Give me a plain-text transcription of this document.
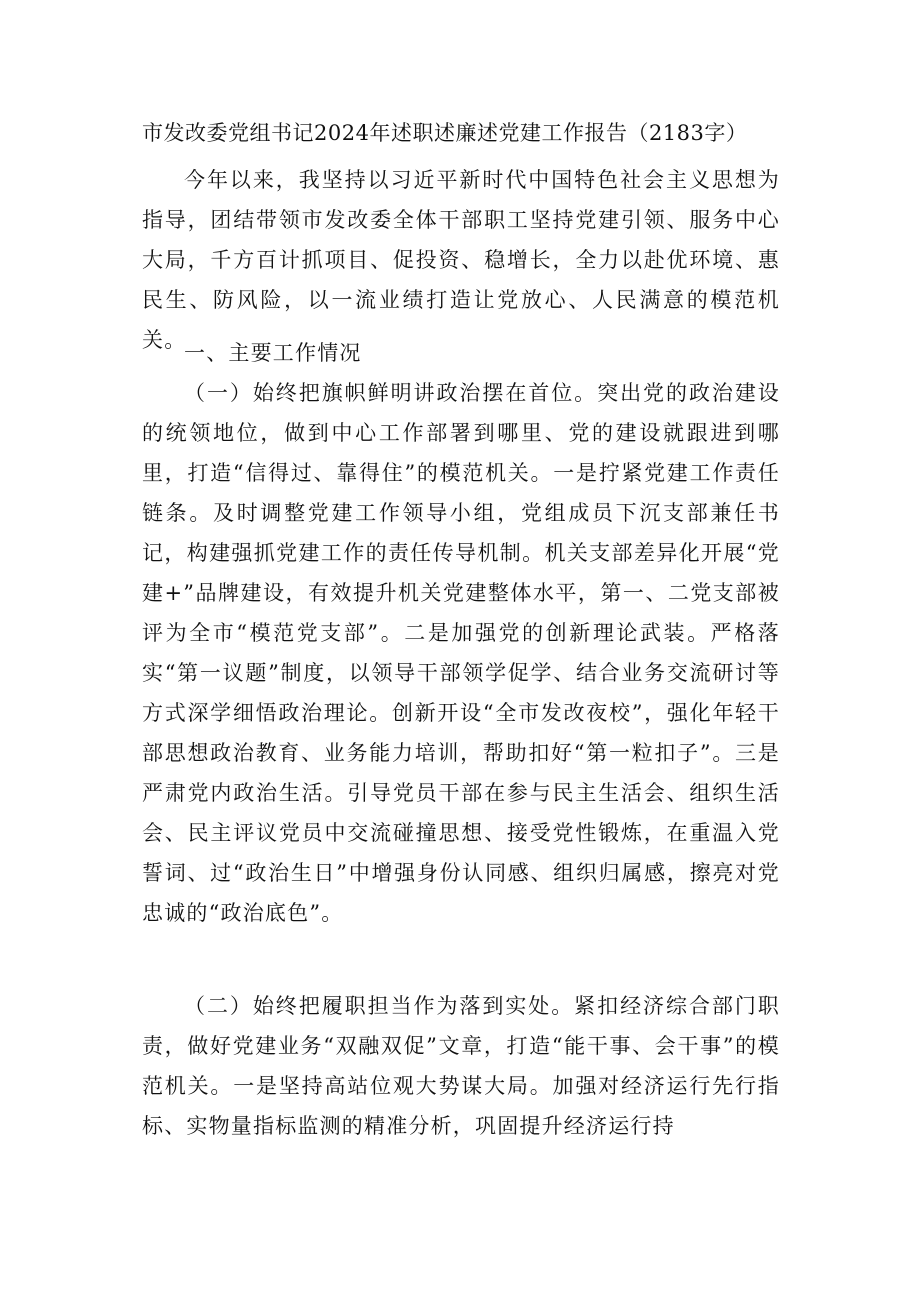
市发改委党组书记2024年述职述廉述党建工作报告（2183字）

今年以来，我坚持以习近平新时代中国特色社会主义思想为指导，团结带领市发改委全体干部职工坚持党建引领、服务中心大局，千方百计抓项目、促投资、稳增长，全力以赴优环境、惠民生、防风险，以一流业绩打造让党放心、人民满意的模范机关。

一、主要工作情况

（一）始终把旗帜鲜明讲政治摆在首位。突出党的政治建设的统领地位，做到中心工作部署到哪里、党的建设就跟进到哪里，打造“信得过、靠得住”的模范机关。一是拧紧党建工作责任链条。及时调整党建工作领导小组，党组成员下沉支部兼任书记，构建强抓党建工作的责任传导机制。机关支部差异化开展“党建+”品牌建设，有效提升机关党建整体水平，第一、二党支部被评为全市“模范党支部”。二是加强党的创新理论武装。严格落实“第一议题”制度，以领导干部领学促学、结合业务交流研讨等方式深学细悟政治理论。创新开设“全市发改夜校”，强化年轻干部思想政治教育、业务能力培训，帮助扣好“第一粒扣子”。三是严肃党内政治生活。引导党员干部在参与民主生活会、组织生活会、民主评议党员中交流碰撞思想、接受党性锻炼，在重温入党誓词、过“政治生日”中增强身份认同感、组织归属感，擦亮对党忠诚的“政治底色”。

（二）始终把履职担当作为落到实处。紧扣经济综合部门职责，做好党建业务“双融双促”文章，打造“能干事、会干事”的模范机关。一是坚持高站位观大势谋大局。加强对经济运行先行指标、实物量指标监测的精准分析，巩固提升经济运行持
